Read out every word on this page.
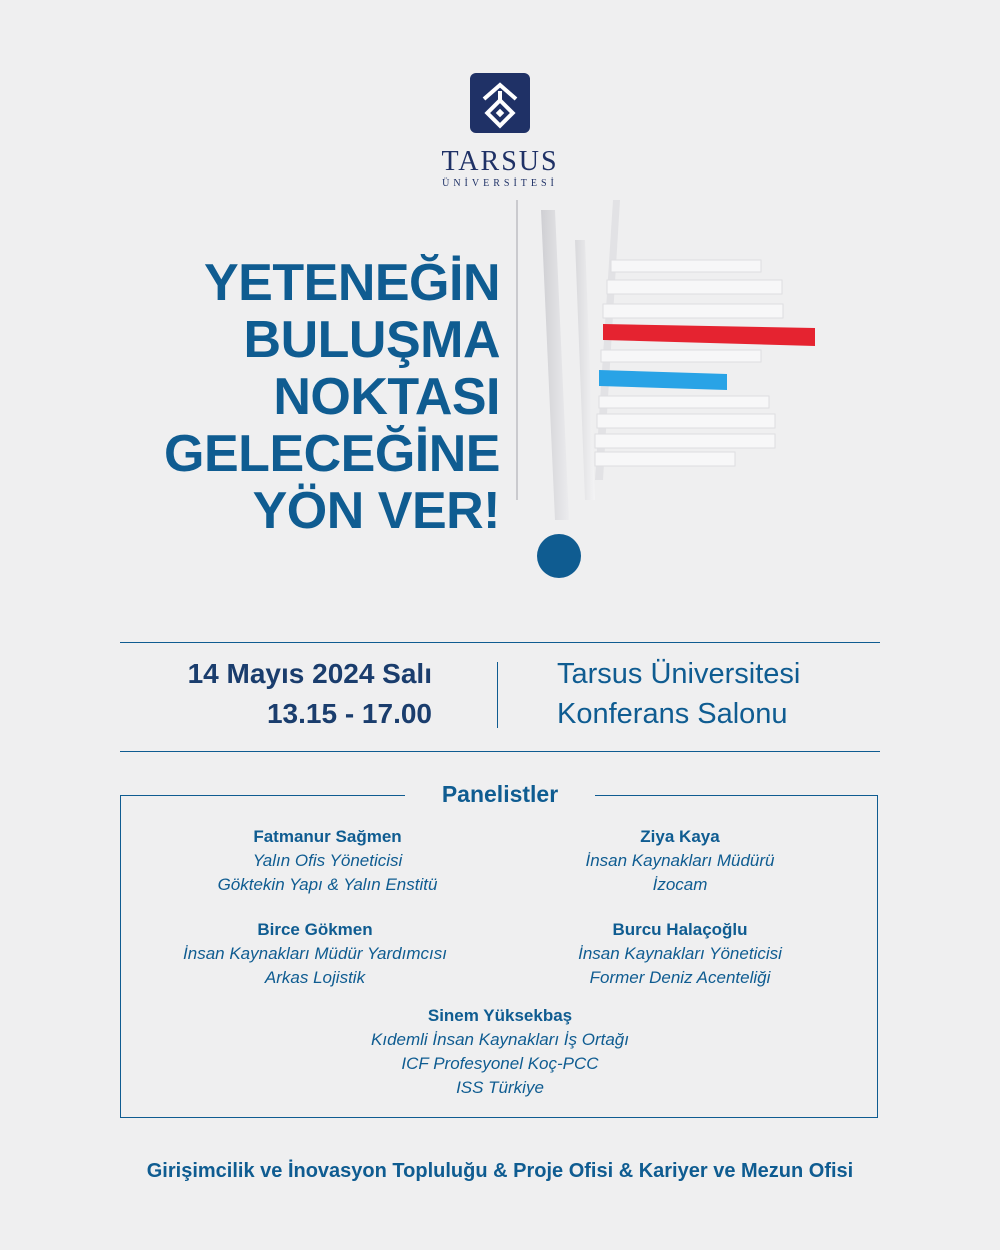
TARSUS
ÜNİVERSİTESİ
YETENEĞİN
BULUŞMA
NOKTASI
GELECEĞİNE
YÖN VER!
14 Mayıs 2024 Salı
13.15 - 17.00
Tarsus Üniversitesi
Konferans Salonu
Panelistler
Fatmanur Sağmen
Yalın Ofis Yöneticisi
Göktekin Yapı & Yalın Enstitü
Ziya Kaya
İnsan Kaynakları Müdürü
İzocam
Birce Gökmen
İnsan Kaynakları Müdür Yardımcısı
Arkas Lojistik
Burcu Halaçoğlu
İnsan Kaynakları Yöneticisi
Former Deniz Acenteliği
Sinem Yüksekbaş
Kıdemli İnsan Kaynakları İş Ortağı
ICF Profesyonel Koç-PCC
ISS Türkiye
Girişimcilik ve İnovasyon Topluluğu & Proje Ofisi & Kariyer ve Mezun Ofisi
